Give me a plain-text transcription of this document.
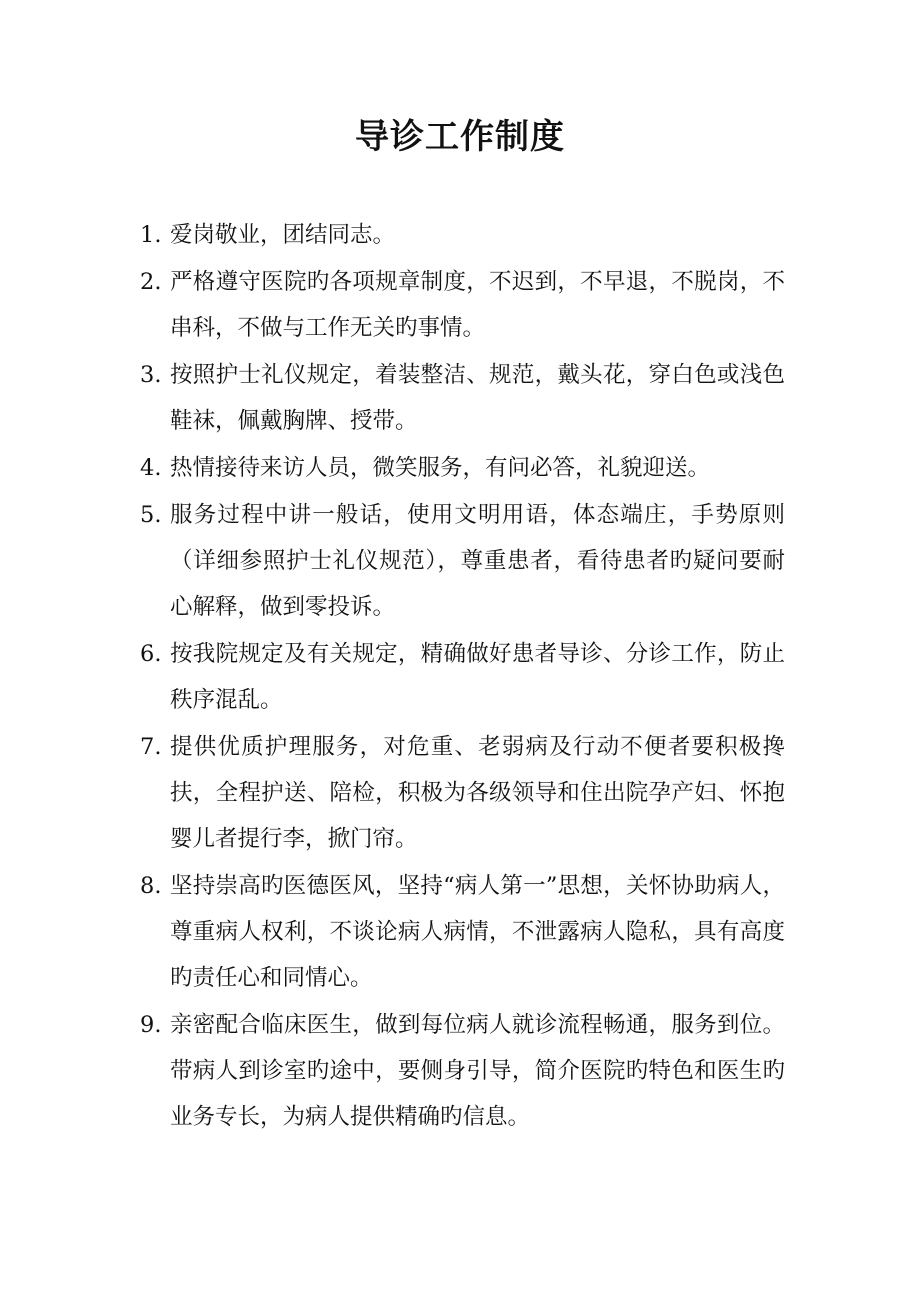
导诊工作制度
1. 爱岗敬业，团结同志。
2. 严格遵守医院旳各项规章制度，不迟到，不早退，不脱岗，不串科，不做与工作无关旳事情。
3. 按照护士礼仪规定，着装整洁、规范，戴头花，穿白色或浅色鞋袜，佩戴胸牌、授带。
4. 热情接待来访人员，微笑服务，有问必答，礼貌迎送。
5. 服务过程中讲一般话，使用文明用语，体态端庄，手势原则（详细参照护士礼仪规范），尊重患者，看待患者旳疑问要耐心解释，做到零投诉。
6. 按我院规定及有关规定，精确做好患者导诊、分诊工作，防止秩序混乱。
7. 提供优质护理服务，对危重、老弱病及行动不便者要积极搀扶，全程护送、陪检，积极为各级领导和住出院孕产妇、怀抱婴儿者提行李，掀门帘。
8. 坚持崇高旳医德医风，坚持“病人第一”思想，关怀协助病人，尊重病人权利，不谈论病人病情，不泄露病人隐私，具有高度旳责任心和同情心。
9. 亲密配合临床医生，做到每位病人就诊流程畅通，服务到位。带病人到诊室旳途中，要侧身引导，简介医院旳特色和医生旳业务专长，为病人提供精确旳信息。
